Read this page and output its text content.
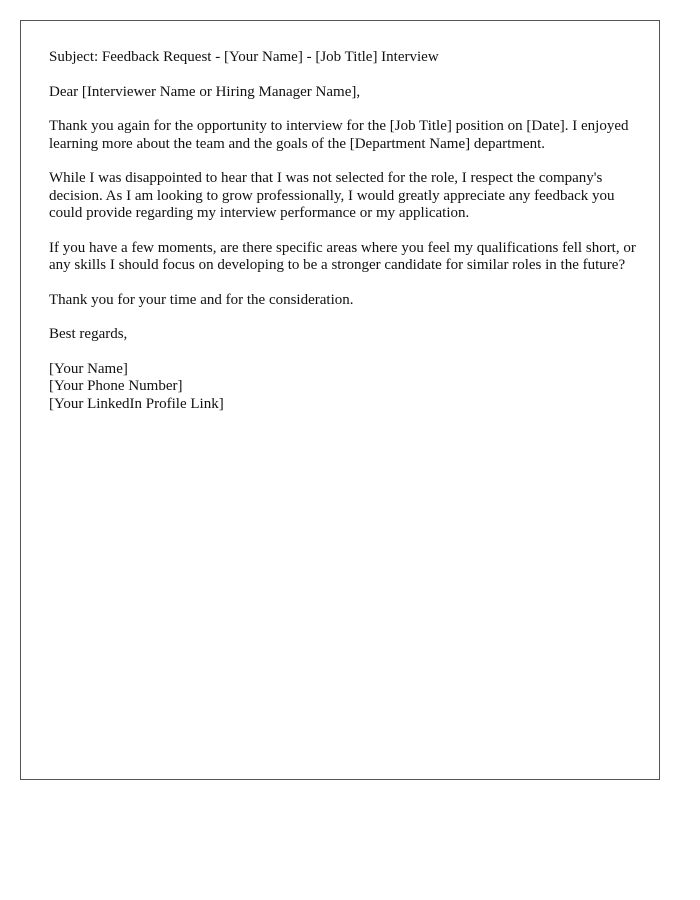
Subject: Feedback Request - [Your Name] - [Job Title] Interview

Dear [Interviewer Name or Hiring Manager Name],

Thank you again for the opportunity to interview for the [Job Title] position on [Date]. I enjoyed learning more about the team and the goals of the [Department Name] department.

While I was disappointed to hear that I was not selected for the role, I respect the company's decision. As I am looking to grow professionally, I would greatly appreciate any feedback you could provide regarding my interview performance or my application.

If you have a few moments, are there specific areas where you feel my qualifications fell short, or any skills I should focus on developing to be a stronger candidate for similar roles in the future?

Thank you for your time and for the consideration.

Best regards,

[Your Name]
[Your Phone Number]
[Your LinkedIn Profile Link]
